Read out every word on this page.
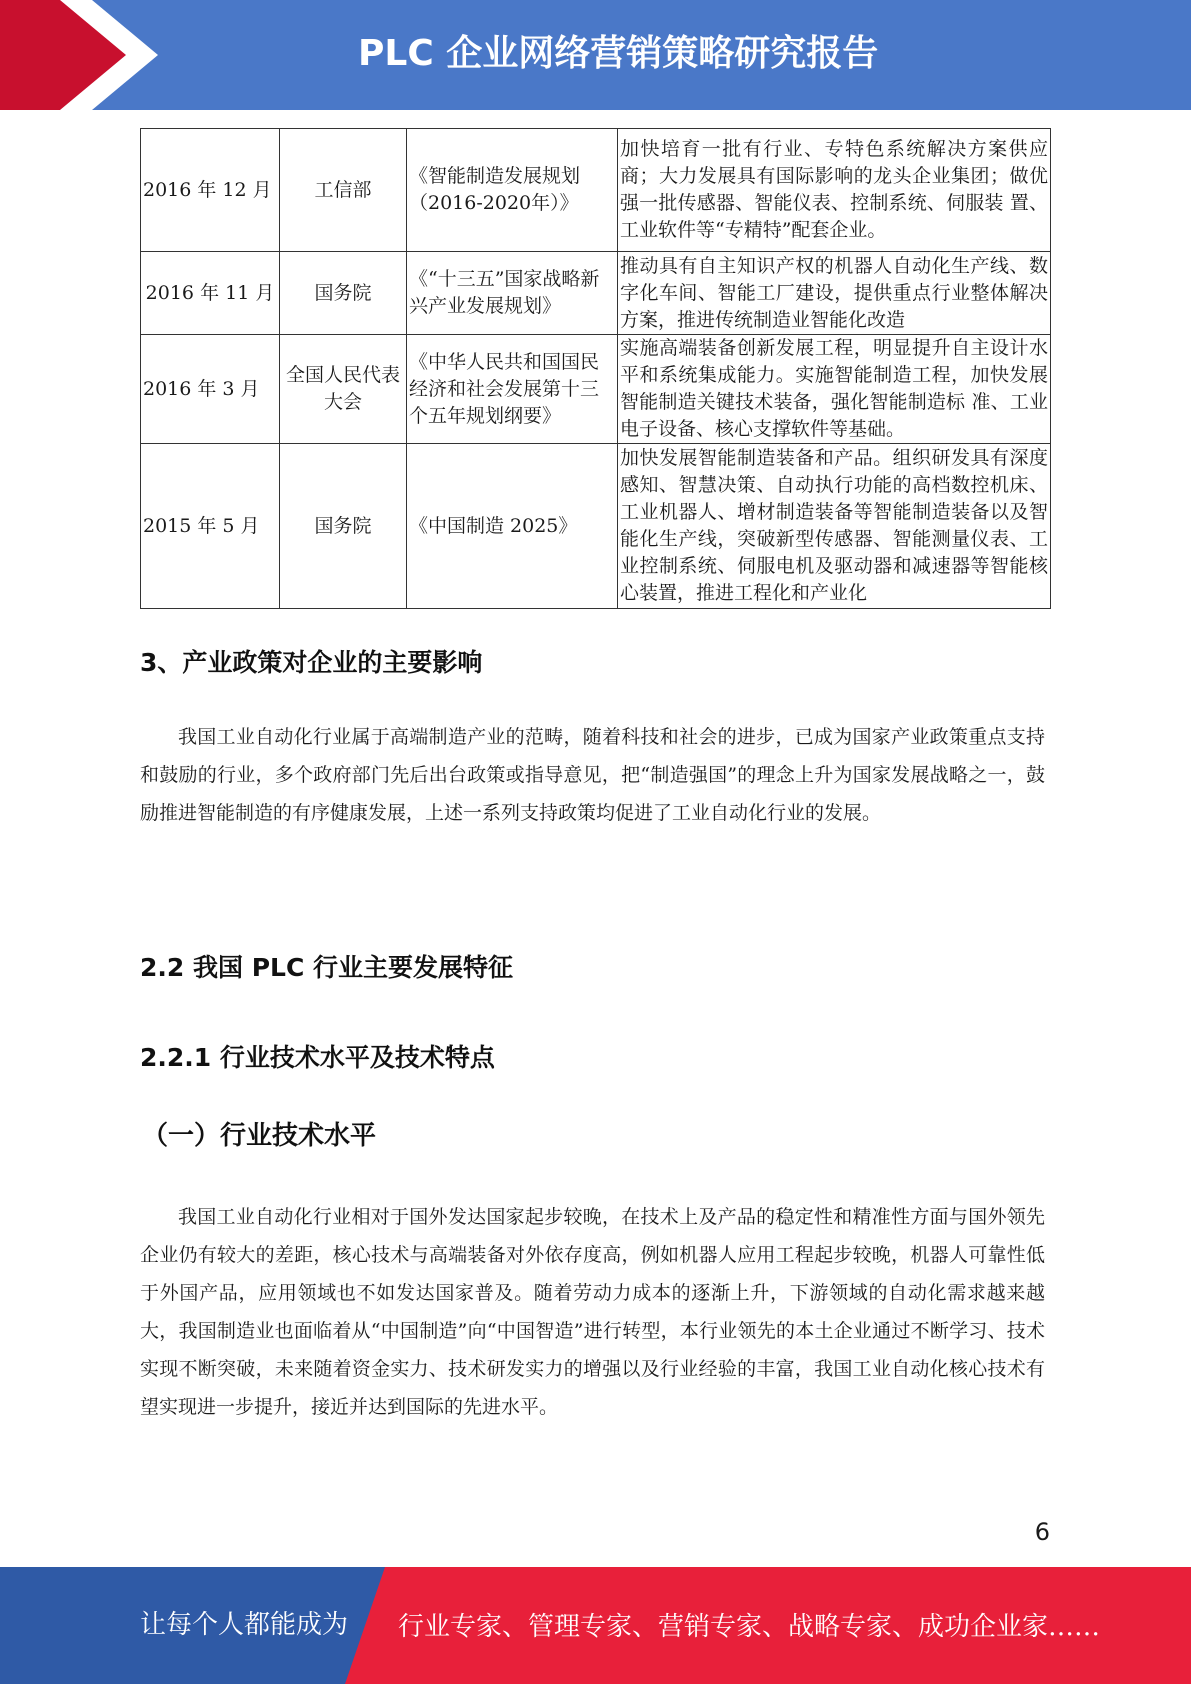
PLC 企业网络营销策略研究报告
2016 年 12 月	工信部	《智能制造发展规划（2016-2020年）》	加快培育一批有行业、专特色系统解决方案供应商；大力发展具有国际影响的龙头企业集团；做优强一批传感器、智能仪表、控制系统、伺服装 置、工业软件等“专精特”配套企业。
2016 年 11 月	国务院	《“十三五”国家战略新兴产业发展规划》	推动具有自主知识产权的机器人自动化生产线、数字化车间、智能工厂建设，提供重点行业整体解决方案，推进传统制造业智能化改造
2016 年 3 月	全国人民代表大会	《中华人民共和国国民经济和社会发展第十三个五年规划纲要》	实施高端装备创新发展工程，明显提升自主设计水平和系统集成能力。实施智能制造工程，加快发展智能制造关键技术装备，强化智能制造标 准、工业电子设备、核心支撑软件等基础。
2015 年 5 月	国务院	《中国制造 2025》	加快发展智能制造装备和产品。组织研发具有深度感知、智慧决策、自动执行功能的高档数控机床、工业机器人、增材制造装备等智能制造装备以及智能化生产线，突破新型传感器、智能测量仪表、工业控制系统、伺服电机及驱动器和减速器等智能核心装置，推进工程化和产业化
3、产业政策对企业的主要影响
我国工业自动化行业属于高端制造产业的范畴，随着科技和社会的进步，已成为国家产业政策重点支持和鼓励的行业，多个政府部门先后出台政策或指导意见，把“制造强国”的理念上升为国家发展战略之一，鼓励推进智能制造的有序健康发展，上述一系列支持政策均促进了工业自动化行业的发展。
2.2 我国 PLC 行业主要发展特征
2.2.1 行业技术水平及技术特点
（一）行业技术水平
我国工业自动化行业相对于国外发达国家起步较晚，在技术上及产品的稳定性和精准性方面与国外领先企业仍有较大的差距，核心技术与高端装备对外依存度高，例如机器人应用工程起步较晚，机器人可靠性低于外国产品，应用领域也不如发达国家普及。随着劳动力成本的逐渐上升，下游领域的自动化需求越来越大，我国制造业也面临着从“中国制造”向“中国智造”进行转型，本行业领先的本土企业通过不断学习、技术实现不断突破，未来随着资金实力、技术研发实力的增强以及行业经验的丰富，我国工业自动化核心技术有望实现进一步提升，接近并达到国际的先进水平。
6
让每个人都能成为 行业专家、管理专家、营销专家、战略专家、成功企业家……
